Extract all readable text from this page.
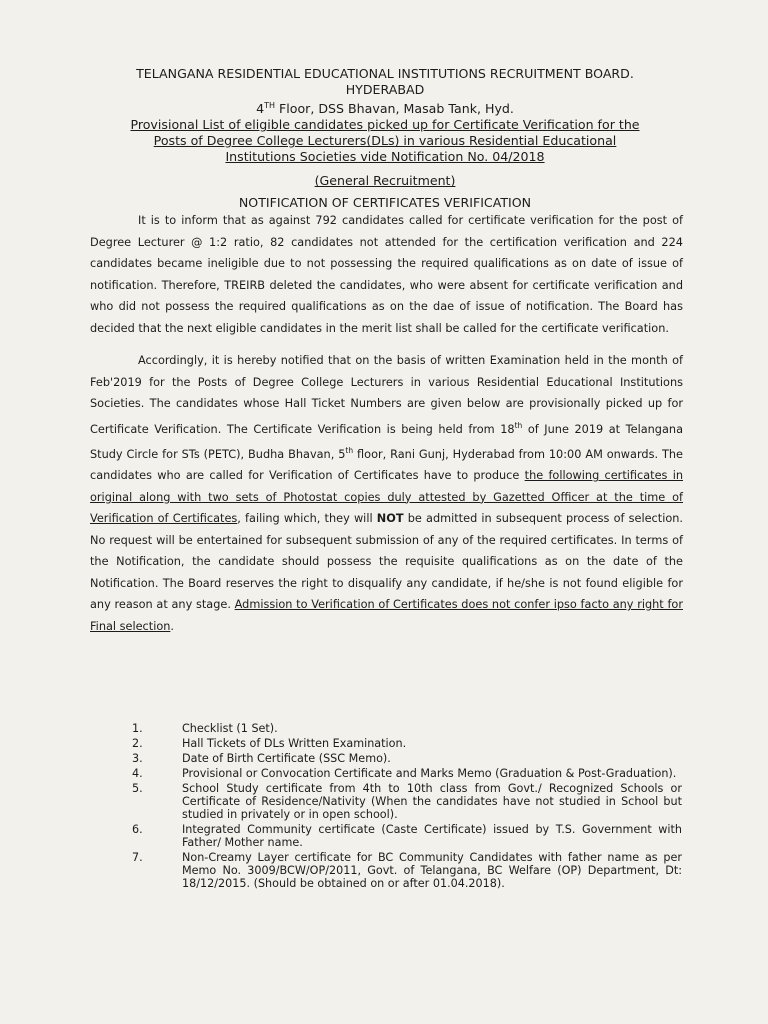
TELANGANA RESIDENTIAL EDUCATIONAL INSTITUTIONS RECRUITMENT BOARD.
HYDERABAD
4TH Floor, DSS Bhavan, Masab Tank, Hyd.
Provisional List of eligible candidates picked up for Certificate Verification for the
Posts of Degree College Lecturers(DLs) in various Residential Educational
Institutions Societies vide Notification No. 04/2018
(General Recruitment)
NOTIFICATION OF CERTIFICATES VERIFICATION

It is to inform that as against 792 candidates called for certificate verification for the post of Degree Lecturer @ 1:2 ratio, 82 candidates not attended for the certification verification and 224 candidates became ineligible due to not possessing the required qualifications as on date of issue of notification. Therefore, TREIRB deleted the candidates, who were absent for certificate verification and who did not possess the required qualifications as on the dae of issue of notification. The Board has decided that the next eligible candidates in the merit list shall be called for the certificate verification.

Accordingly, it is hereby notified that on the basis of written Examination held in the month of Feb'2019 for the Posts of Degree College Lecturers in various Residential Educational Institutions Societies. The candidates whose Hall Ticket Numbers are given below are provisionally picked up for Certificate Verification. The Certificate Verification is being held from 18th of June 2019 at Telangana Study Circle for STs (PETC), Budha Bhavan, 5th floor, Rani Gunj, Hyderabad from 10:00 AM onwards. The candidates who are called for Verification of Certificates have to produce the following certificates in original along with two sets of Photostat copies duly attested by Gazetted Officer at the time of Verification of Certificates, failing which, they will NOT be admitted in subsequent process of selection. No request will be entertained for subsequent submission of any of the required certificates. In terms of the Notification, the candidate should possess the requisite qualifications as on the date of the Notification. The Board reserves the right to disqualify any candidate, if he/she is not found eligible for any reason at any stage. Admission to Verification of Certificates does not confer ipso facto any right for Final selection.

1.	Checklist (1 Set).
2.	Hall Tickets of DLs Written Examination.
3.	Date of Birth Certificate (SSC Memo).
4.	Provisional or Convocation Certificate and Marks Memo (Graduation & Post-Graduation).
5.	School Study certificate from 4th to 10th class from Govt./ Recognized Schools or Certificate of Residence/Nativity (When the candidates have not studied in School but studied in privately or in open school).
6.	Integrated Community certificate (Caste Certificate) issued by T.S. Government with Father/ Mother name.
7.	Non-Creamy Layer certificate for BC Community Candidates with father name as per Memo No. 3009/BCW/OP/2011, Govt. of Telangana, BC Welfare (OP) Department, Dt: 18/12/2015. (Should be obtained on or after 01.04.2018).
